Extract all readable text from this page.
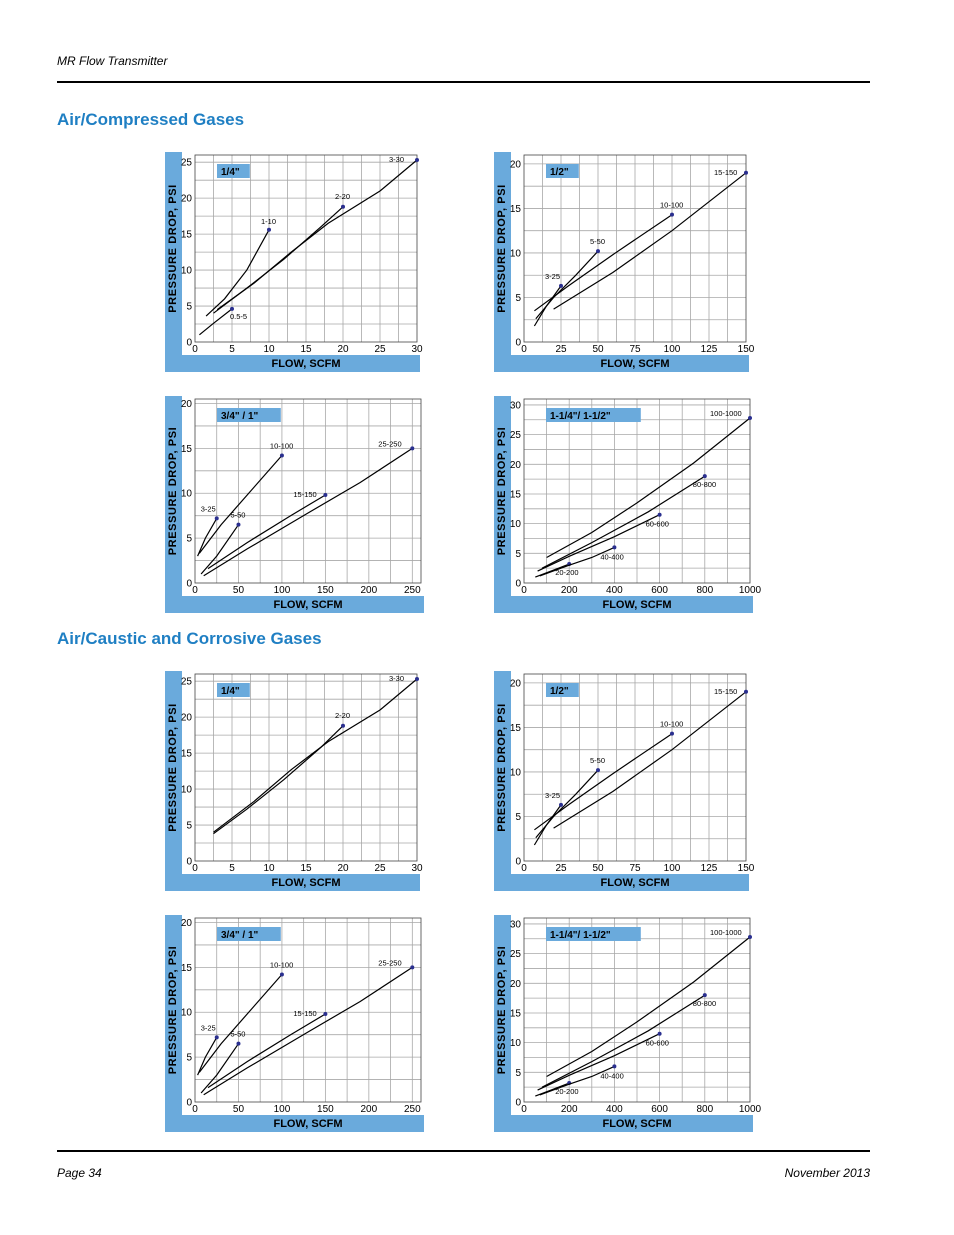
MR Flow Transmitter
Air/Compressed Gases
Air/Caustic and Corrosive Gases
0	5	10	15	20	25	30
0
5
10
15
20
25
FLOW, SCFM
PRESSURE DROP, PSI
1/4"
0.5-5
1-10
2-20
3-30
0	25	50	75 100 125 150
0
5
10
15
20
FLOW, SCFM
PRESSURE DROP, PSI
1/2"
3-25
5-50
10-100
15-150
0	50	100	150	200	250
0
5
10
15
20
FLOW, SCFM
PRESSURE DROP, PSI
3/4" / 1"
3-25
5-50
10-100
15-150
25-250
0	200	400	600	800	1000
0
5
10
15
20
25
30
FLOW, SCFM
PRESSURE DROP, PSI
1-1/4"/ 1-1/2"
20-200
40-400
60-600
80-800
100-1000
0	5	10	15	20	25	30
0
5
10
15
20
25
FLOW, SCFM
PRESSURE DROP, PSI
1/4"
2-20
3-30
0	25	50	75 100 125 150
0
5
10
15
20
FLOW, SCFM
PRESSURE DROP, PSI
1/2"
3-25
5-50
10-100
15-150
0	50	100	150	200	250
0
5
10
15
20
FLOW, SCFM
PRESSURE DROP, PSI
3/4" / 1"
3-25
5-50
10-100
15-150
25-250
0	200	400	600	800	1000
0
5
10
15
20
25
30
FLOW, SCFM
PRESSURE DROP, PSI
1-1/4"/ 1-1/2"
20-200
40-400
60-600
80-800
100-1000
Page 34	November 2013
